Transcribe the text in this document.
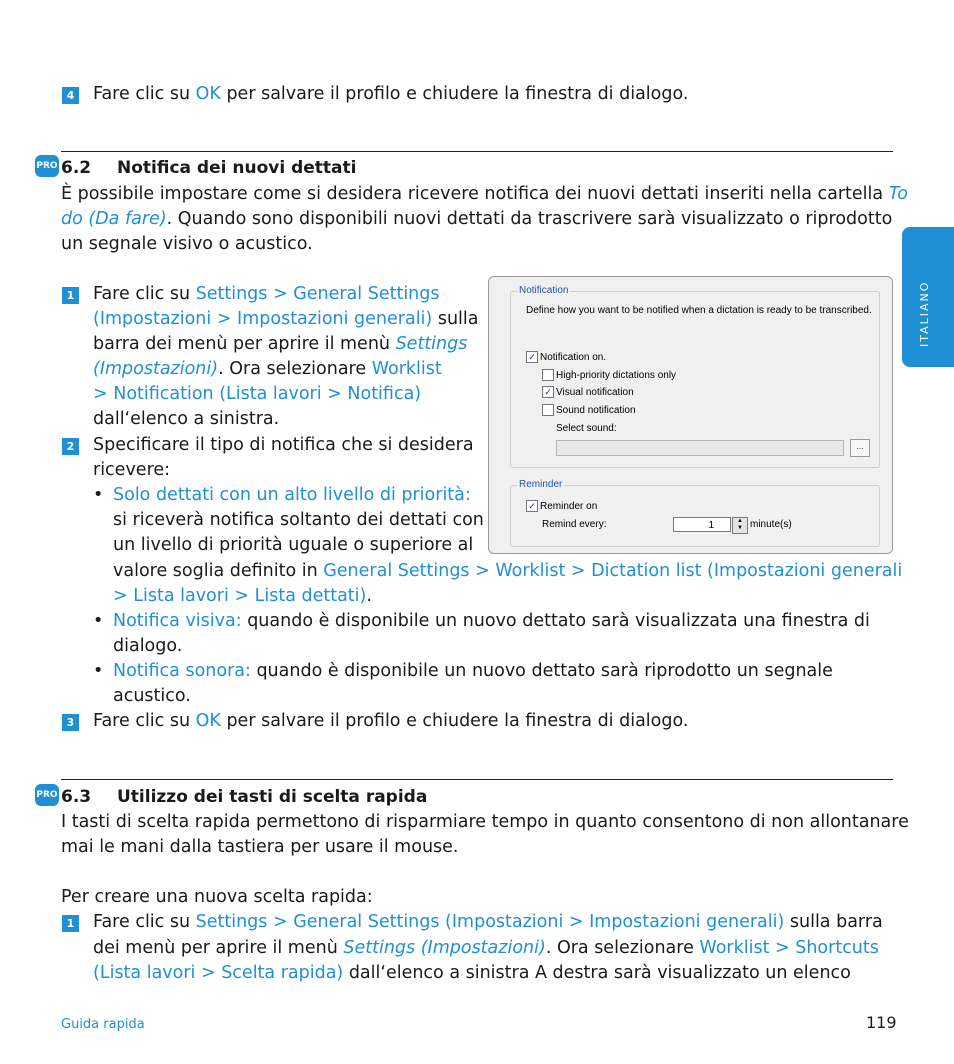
4 Fare clic su OK per salvare il profilo e chiudere la finestra di dialogo.
PRO 6.2 Notifica dei nuovi dettati
È possibile impostare come si desidera ricevere notifica dei nuovi dettati inseriti nella cartella To
do (Da fare). Quando sono disponibili nuovi dettati da trascrivere sarà visualizzato o riprodotto
un segnale visivo o acustico.
1 Fare clic su Settings > General Settings
(Impostazioni > Impostazioni generali) sulla
barra dei menù per aprire il menù Settings
(Impostazioni). Ora selezionare Worklist
> Notification (Lista lavori > Notifica)
dall‘elenco a sinistra.
2 Specificare il tipo di notifica che si desidera
ricevere:
• Solo dettati con un alto livello di priorità:
si riceverà notifica soltanto dei dettati con
un livello di priorità uguale o superiore al
valore soglia definito in General Settings > Worklist > Dictation list (Impostazioni generali
> Lista lavori > Lista dettati).
• Notifica visiva: quando è disponibile un nuovo dettato sarà visualizzata una finestra di
dialogo.
• Notifica sonora: quando è disponibile un nuovo dettato sarà riprodotto un segnale
acustico.
3 Fare clic su OK per salvare il profilo e chiudere la finestra di dialogo.
Notification
Define how you want to be notified when a dictation is ready to be transcribed.
✓ Notification on.
High-priority dictations only
✓ Visual notification
Sound notification
Select sound:
...
Reminder
✓ Reminder on
Remind every:	1	▲
▼ minute(s)
PRO 6.3 Utilizzo dei tasti di scelta rapida
I tasti di scelta rapida permettono di risparmiare tempo in quanto consentono di non allontanare
mai le mani dalla tastiera per usare il mouse.
Per creare una nuova scelta rapida:
1 Fare clic su Settings > General Settings (Impostazioni > Impostazioni generali) sulla barra
dei menù per aprire il menù Settings (Impostazioni). Ora selezionare Worklist > Shortcuts
(Lista lavori > Scelta rapida) dall‘elenco a sinistra A destra sarà visualizzato un elenco
ITALIANO
Guida rapida	119
